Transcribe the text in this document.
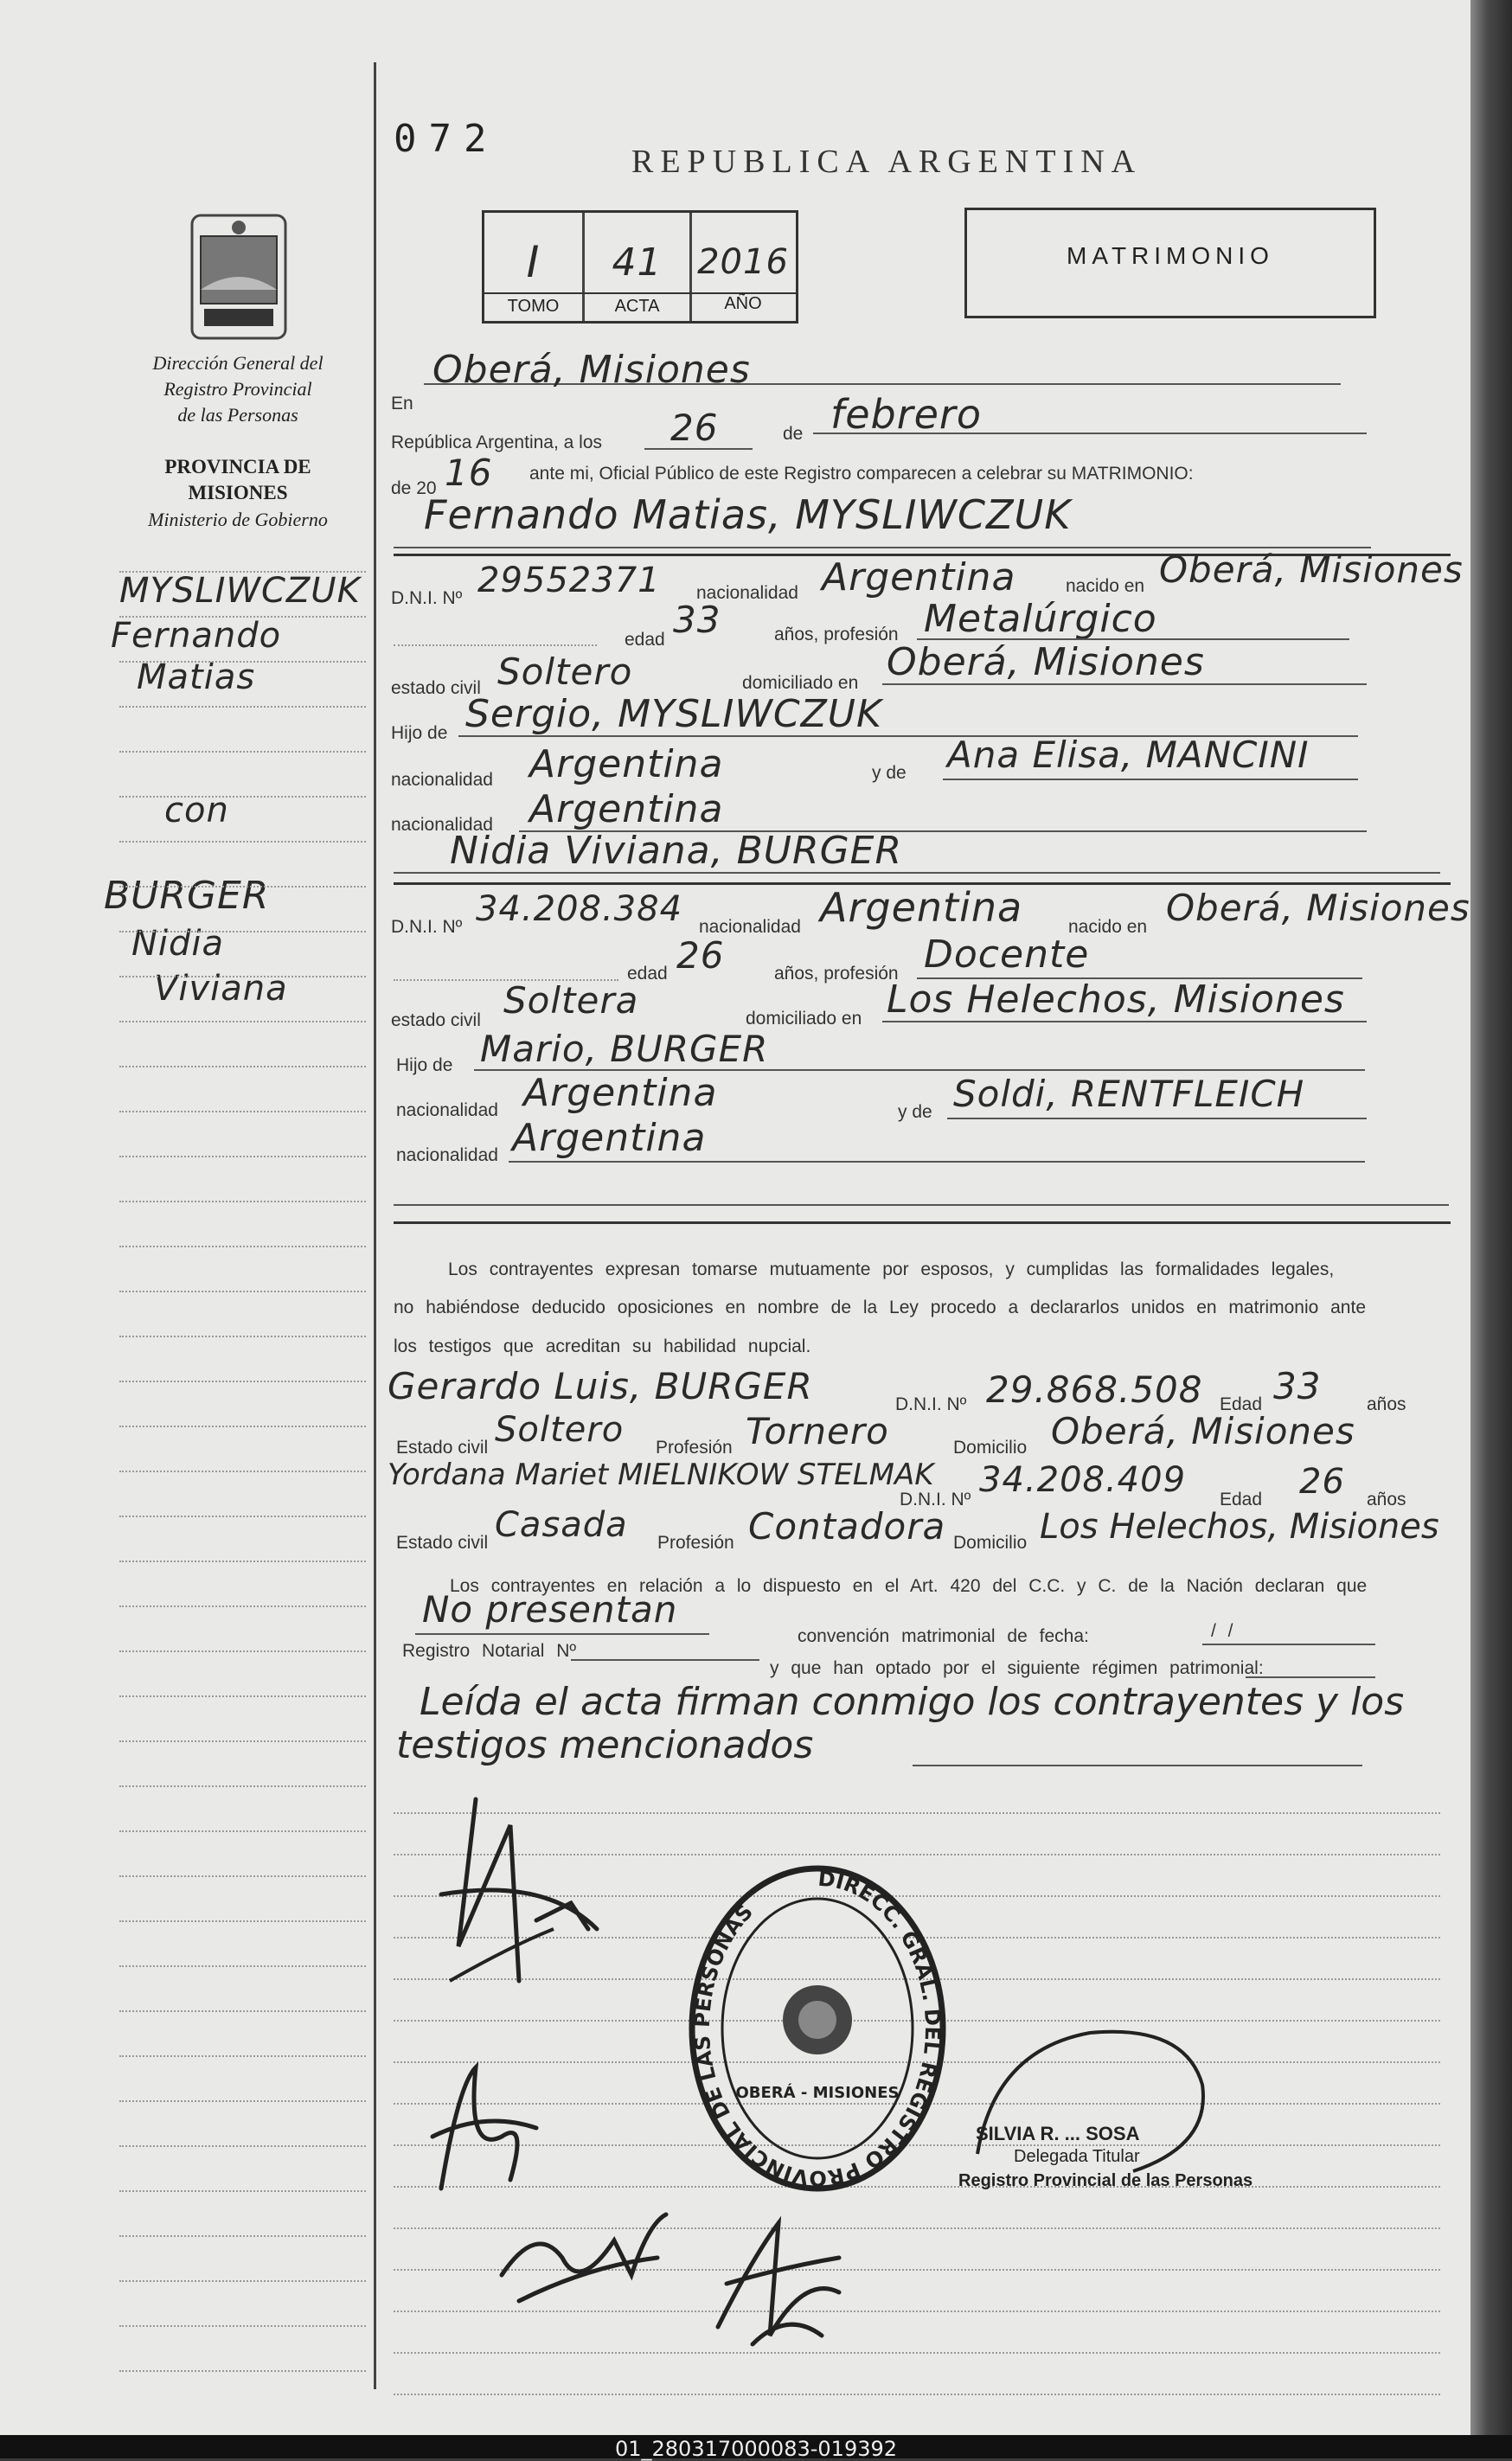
Dirección General del
Registro Provincial
de las Personas
PROVINCIA DE
MISIONES
Ministerio de Gobierno
MYSLIWCZUK
Fernando
Matias
con
BURGER
Nidia
Viviana
072
REPUBLICA ARGENTINA
I	41	2016
TOMO	ACTA	AÑO
MATRIMONIO
En
Oberá, Misiones
República Argentina, a los 26	de febrero
de 20 16 ante mi, Oficial Público de este Registro comparecen a celebrar su MATRIMONIO:
Fernando Matias, MYSLIWCZUK
D.N.I. Nº 29552371 nacionalidad Argentina	nacido en Oberá, Misiones
edad 33	años, profesión Metalúrgico
estado civil Soltero	domiciliado en Oberá, Misiones
Hijo de Sergio, MYSLIWCZUK
nacionalidad Argentina	y de Ana Elisa, MANCINI
nacionalidad Argentina
Nidia Viviana, BURGER
D.N.I. Nº 34.208.384 nacionalidad Argentina	nacido en Oberá, Misiones
edad 26	años, profesión Docente
estado civil Soltera	domiciliado en Los Helechos, Misiones
Hijo de Mario, BURGER
nacionalidad Argentina	y de Soldi, RENTFLEICH
nacionalidad Argentina
Los contrayentes expresan tomarse mutuamente por esposos, y cumplidas las formalidades legales,
no habiéndose deducido oposiciones en nombre de la Ley procedo a declararlos unidos en matrimonio ante
los testigos que acreditan su habilidad nupcial.
Gerardo Luis, BURGER	D.N.I. Nº 29.868.508 Edad 33	años
Estado civil Soltero Profesión Tornero	Domicilio Oberá, Misiones
Yordana Mariet MIELNIKOW STELMAK
D.N.I. Nº 34.208.409 Edad 26 años
Estado civil Casada Profesión Contadora Domicilio Los Helechos, Misiones
Los contrayentes en relación a lo dispuesto en el Art. 420 del C.C. y C. de la Nación declaran que
No presentan
convención matrimonial de fecha:	/ /
Registro Notarial Nº
y que han optado por el siguiente régimen patrimonial:
Leída el acta firman conmigo los contrayentes y los
testigos mencionados
DIRECC. GRAL. DEL REGISTRO PROVINCIAL DE LAS PERSONAS
OBERÁ - MISIONES
SILVIA R. ... SOSA
Delegada Titular
Registro Provincial de las Personas
01_280317000083-019392
